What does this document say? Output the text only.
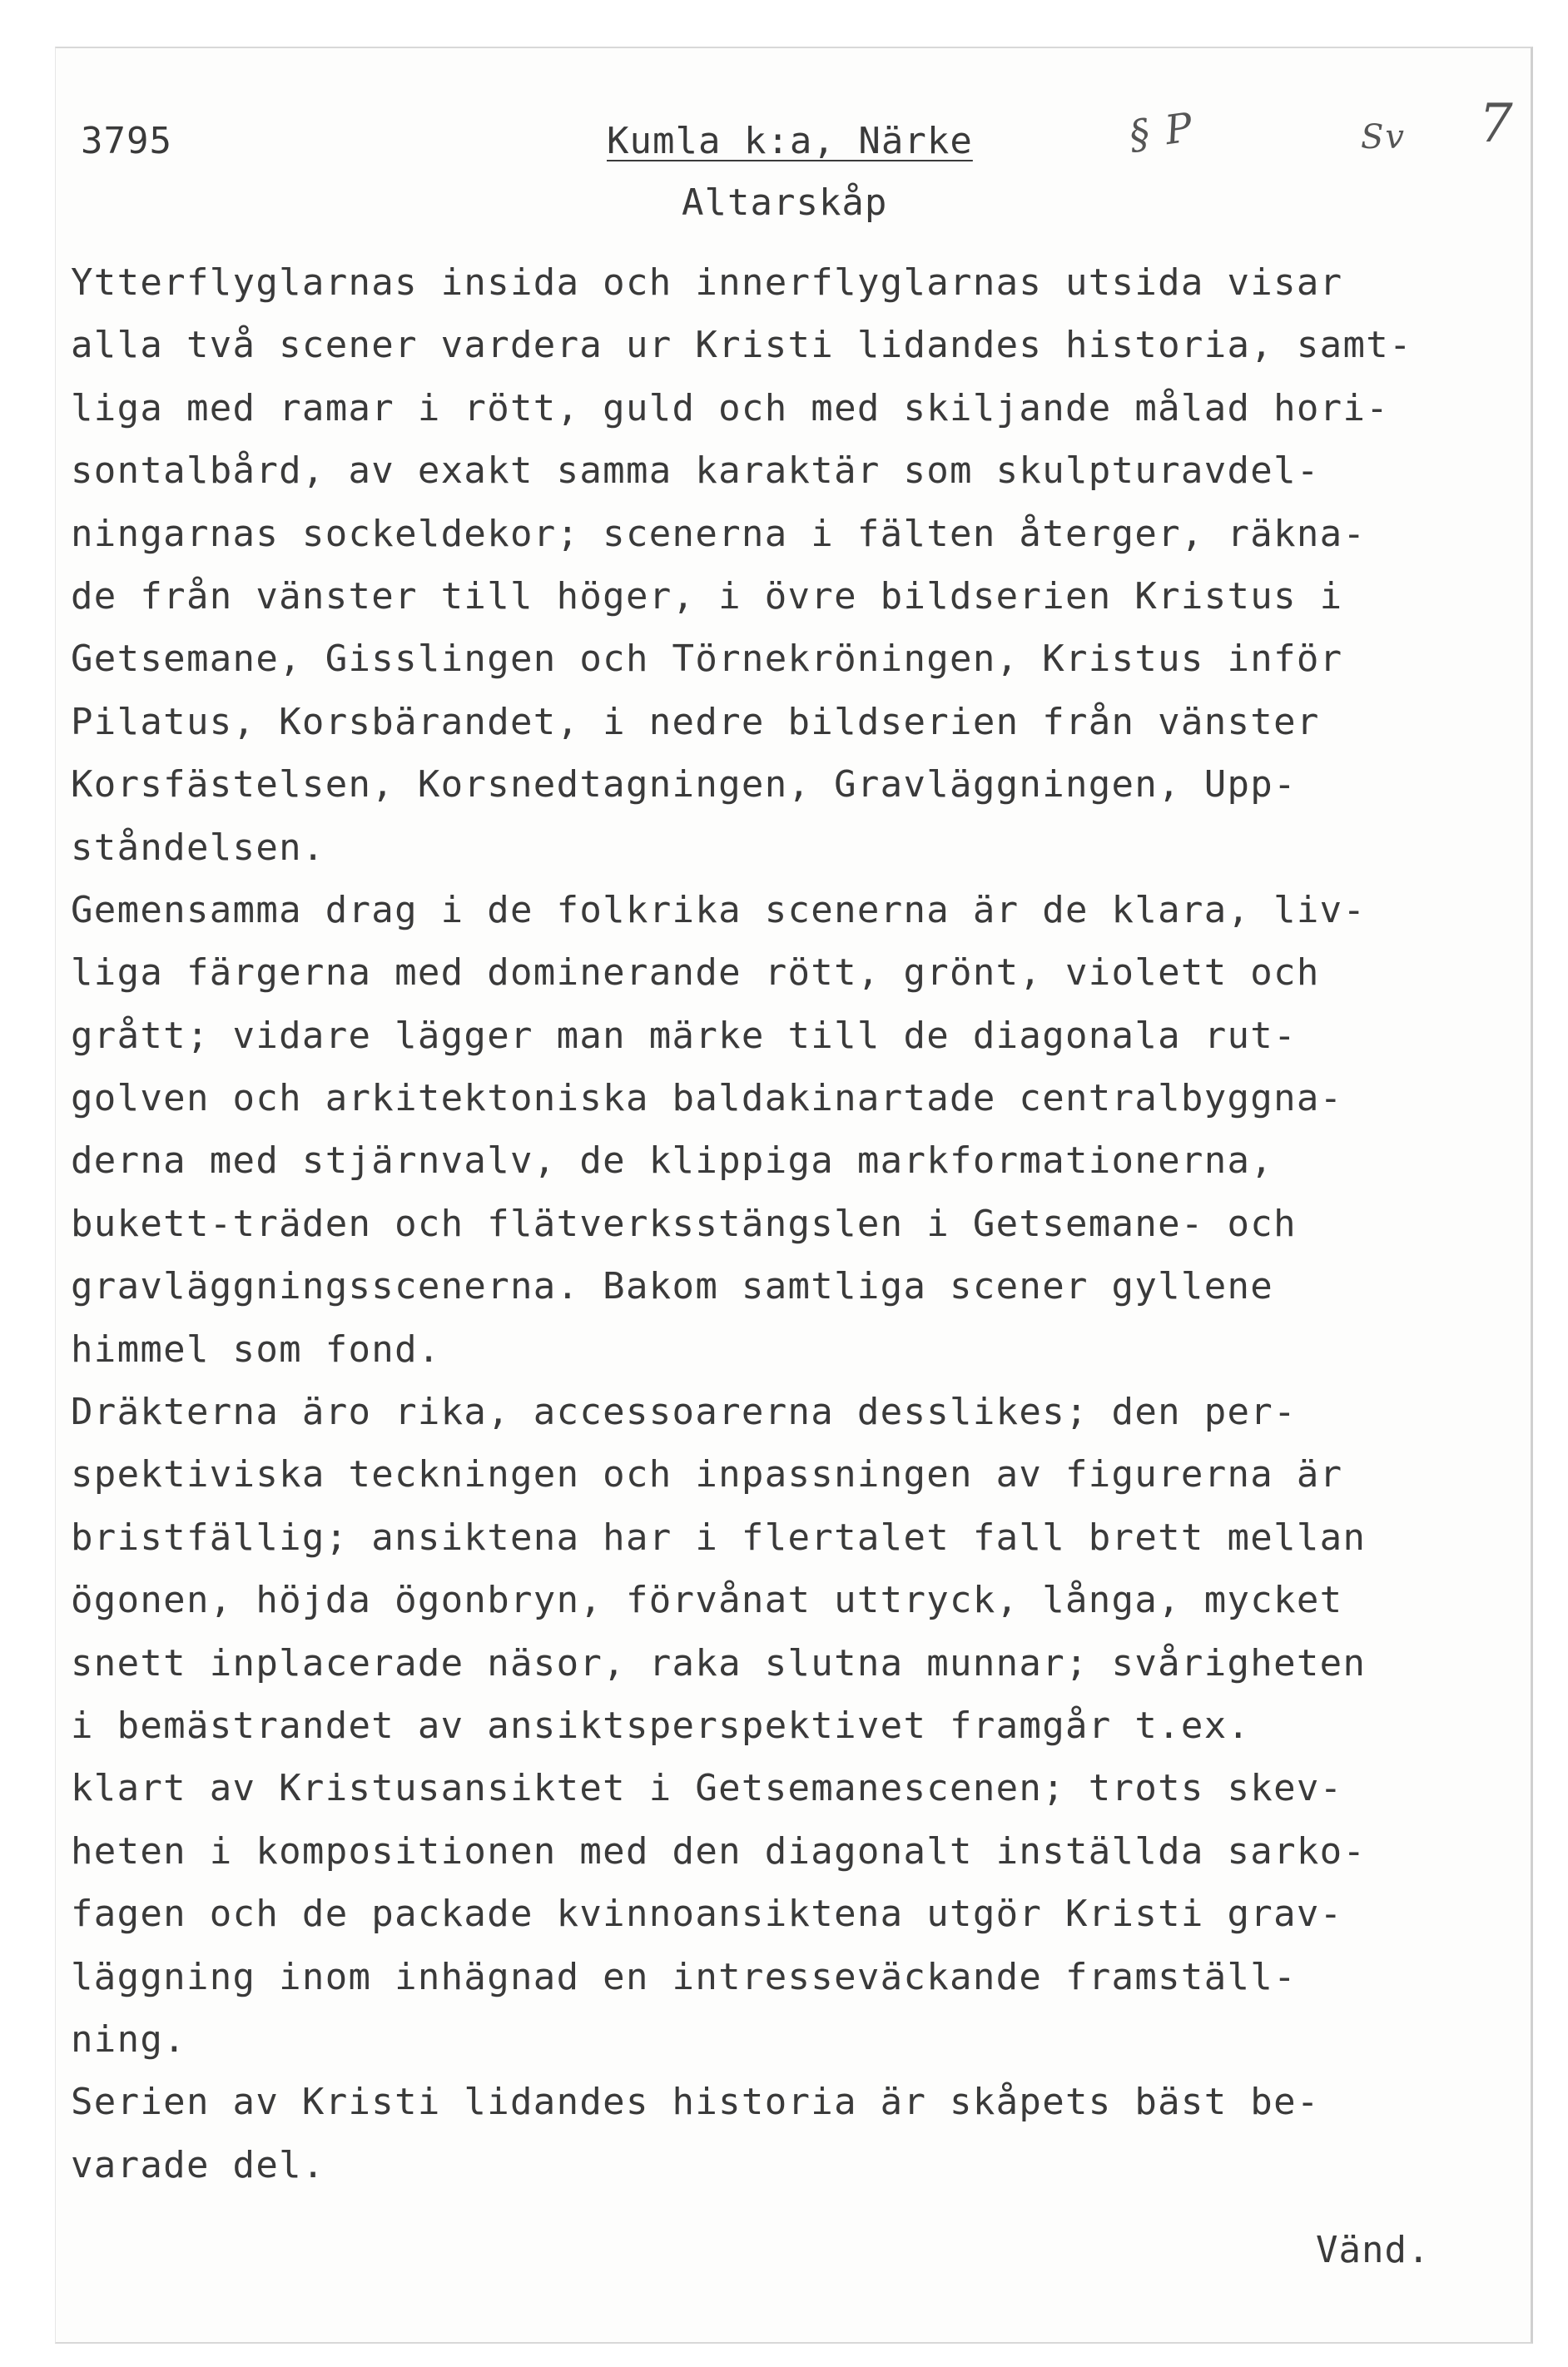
3795	Kumla k:a, Närke
Altarskåp
§ P	Sv 7
Ytterflyglarnas insida och innerflyglarnas utsida visar
alla två scener vardera ur Kristi lidandes historia, samt-
liga med ramar i rött, guld och med skiljande målad hori-
sontalbård, av exakt samma karaktär som skulpturavdel-
ningarnas sockeldekor; scenerna i fälten återger, räkna-
de från vänster till höger, i övre bildserien Kristus i
Getsemane, Gisslingen och Törnekröningen, Kristus inför
Pilatus, Korsbärandet, i nedre bildserien från vänster
Korsfästelsen, Korsnedtagningen, Gravläggningen, Upp-
ståndelsen.
Gemensamma drag i de folkrika scenerna är de klara, liv-
liga färgerna med dominerande rött, grönt, violett och
grått; vidare lägger man märke till de diagonala rut-
golven och arkitektoniska baldakinartade centralbyggna-
derna med stjärnvalv, de klippiga markformationerna,
bukett-träden och flätverksstängslen i Getsemane- och
gravläggningsscenerna. Bakom samtliga scener gyllene
himmel som fond.
Dräkterna äro rika, accessoarerna desslikes; den per-
spektiviska teckningen och inpassningen av figurerna är
bristfällig; ansiktena har i flertalet fall brett mellan
ögonen, höjda ögonbryn, förvånat uttryck, långa, mycket
snett inplacerade näsor, raka slutna munnar; svårigheten
i bemästrandet av ansiktsperspektivet framgår t.ex.
klart av Kristusansiktet i Getsemanescenen; trots skev-
heten i kompositionen med den diagonalt inställda sarko-
fagen och de packade kvinnoansiktena utgör Kristi grav-
läggning inom inhägnad en intresseväckande framställ-
ning.
Serien av Kristi lidandes historia är skåpets bäst be-
varade del.
Vänd.
